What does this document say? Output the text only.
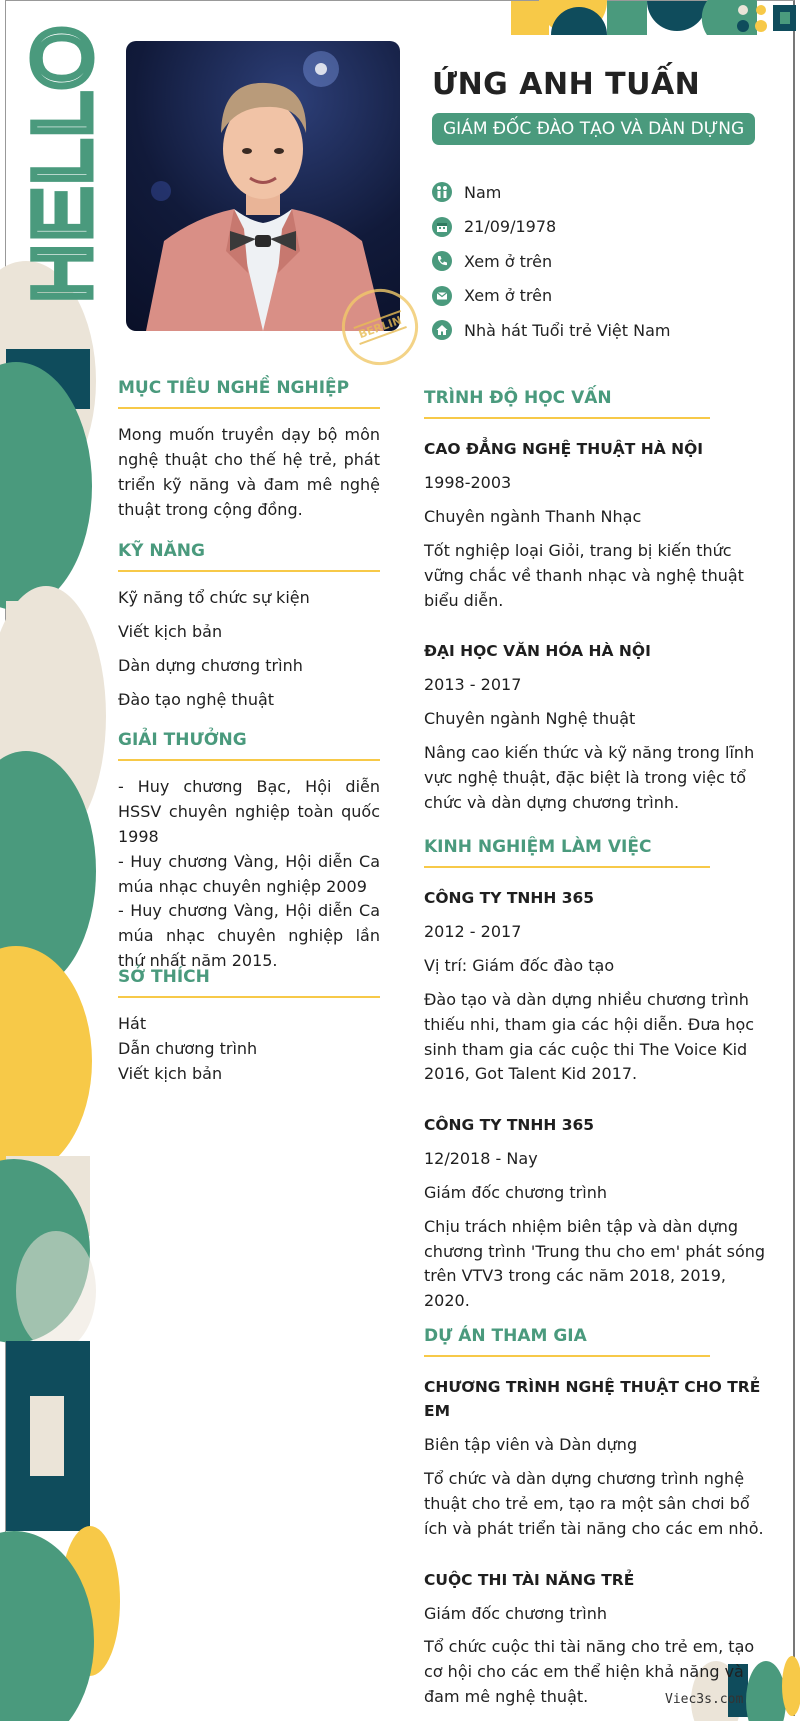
HELLO
BERLIN
ỨNG ANH TUẤN
GIÁM ĐỐC ĐÀO TẠO VÀ DÀN DỰNG
Nam
21/09/1978
Xem ở trên
Xem ở trên
Nhà hát Tuổi trẻ Việt Nam
MỤC TIÊU NGHỀ NGHIỆP

Mong muốn truyền dạy bộ môn nghệ thuật cho thế hệ trẻ, phát triển kỹ năng và đam mê nghệ thuật trong cộng đồng.

KỸ NĂNG
Kỹ năng tổ chức sự kiện
Viết kịch bản
Dàn dựng chương trình
Đào tạo nghệ thuật
GIẢI THƯỞNG

- Huy chương Bạc, Hội diễn HSSV chuyên nghiệp toàn quốc 1998

- Huy chương Vàng, Hội diễn Ca múa nhạc chuyên nghiệp 2009

- Huy chương Vàng, Hội diễn Ca múa nhạc chuyên nghiệp lần thứ nhất năm 2015.

SỞ THÍCH
Hát
Dẫn chương trình
Viết kịch bản
TRÌNH ĐỘ HỌC VẤN
CAO ĐẲNG NGHỆ THUẬT HÀ NỘI
1998-2003
Chuyên ngành Thanh Nhạc
Tốt nghiệp loại Giỏi, trang bị kiến thức vững chắc về thanh nhạc và nghệ thuật biểu diễn.
ĐẠI HỌC VĂN HÓA HÀ NỘI
2013 - 2017
Chuyên ngành Nghệ thuật
Nâng cao kiến thức và kỹ năng trong lĩnh vực nghệ thuật, đặc biệt là trong việc tổ chức và dàn dựng chương trình.
KINH NGHIỆM LÀM VIỆC
CÔNG TY TNHH 365
2012 - 2017
Vị trí: Giám đốc đào tạo
Đào tạo và dàn dựng nhiều chương trình thiếu nhi, tham gia các hội diễn. Đưa học sinh tham gia các cuộc thi The Voice Kid 2016, Got Talent Kid 2017.
CÔNG TY TNHH 365
12/2018 - Nay
Giám đốc chương trình
Chịu trách nhiệm biên tập và dàn dựng chương trình 'Trung thu cho em' phát sóng trên VTV3 trong các năm 2018, 2019, 2020.
DỰ ÁN THAM GIA
CHƯƠNG TRÌNH NGHỆ THUẬT CHO TRẺ EM
Biên tập viên và Dàn dựng
Tổ chức và dàn dựng chương trình nghệ thuật cho trẻ em, tạo ra một sân chơi bổ ích và phát triển tài năng cho các em nhỏ.
CUỘC THI TÀI NĂNG TRẺ
Giám đốc chương trình
Tổ chức cuộc thi tài năng cho trẻ em, tạo cơ hội cho các em thể hiện khả năng và đam mê nghệ thuật.	Viec3s.com
